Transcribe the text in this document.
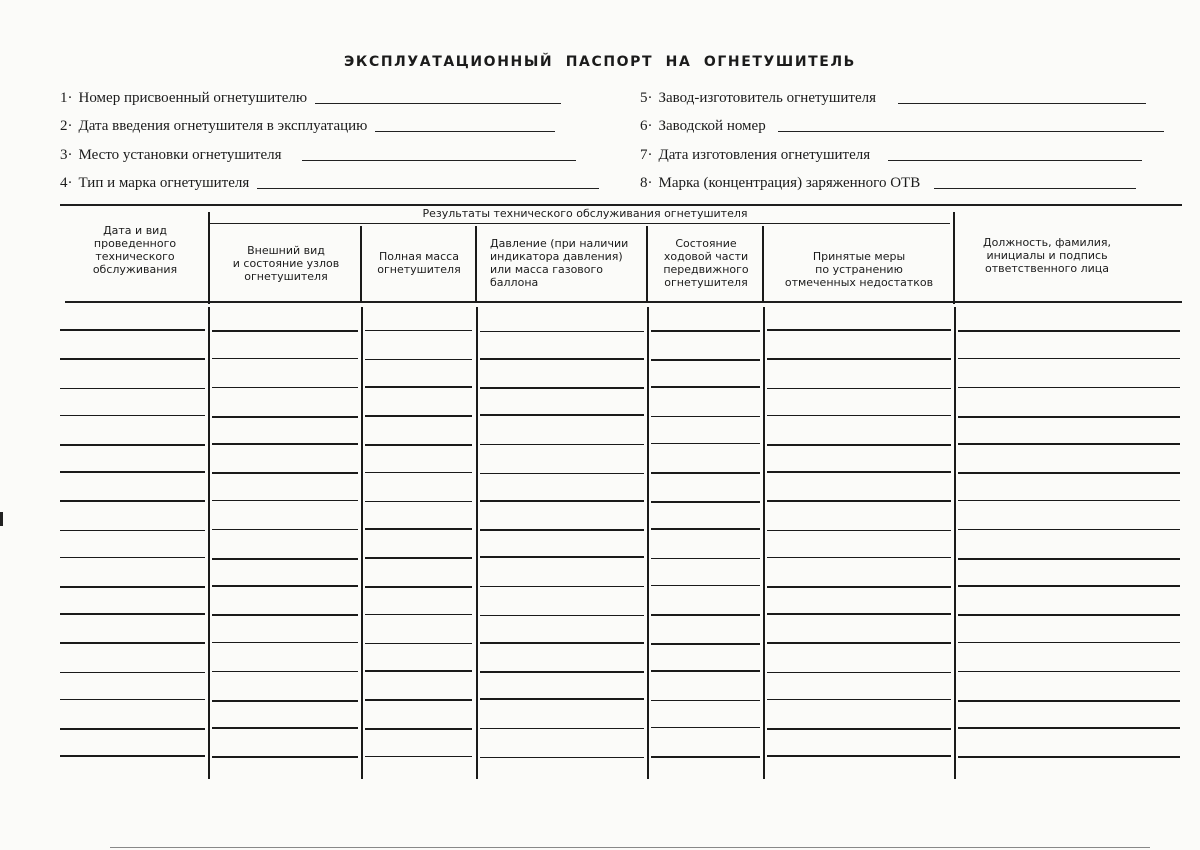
ЭКСПЛУАТАЦИОННЫЙ ПАСПОРТ НА ОГНЕТУШИТЕЛЬ
1· Номер присвоенный огнетушителю
2· Дата введения огнетушителя в эксплуатацию
3· Место установки огнетушителя
4· Тип и марка огнетушителя
5· Завод-изготовитель огнетушителя
6· Заводской номер
7· Дата изготовления огнетушителя
8· Марка (концентрация) заряженного ОТВ
Результаты технического обслуживания огнетушителя
Дата и вид
проведенного
технического
обслуживания
Внешний вид
и состояние узлов
огнетушителя
Полная масса
огнетушителя
Давление (при наличии
индикатора давления)
или масса газового
баллона
Состояние
ходовой части
передвижного
огнетушителя
Принятые меры
по устранению
отмеченных недостатков
Должность, фамилия,
инициалы и подпись
ответственного лица
